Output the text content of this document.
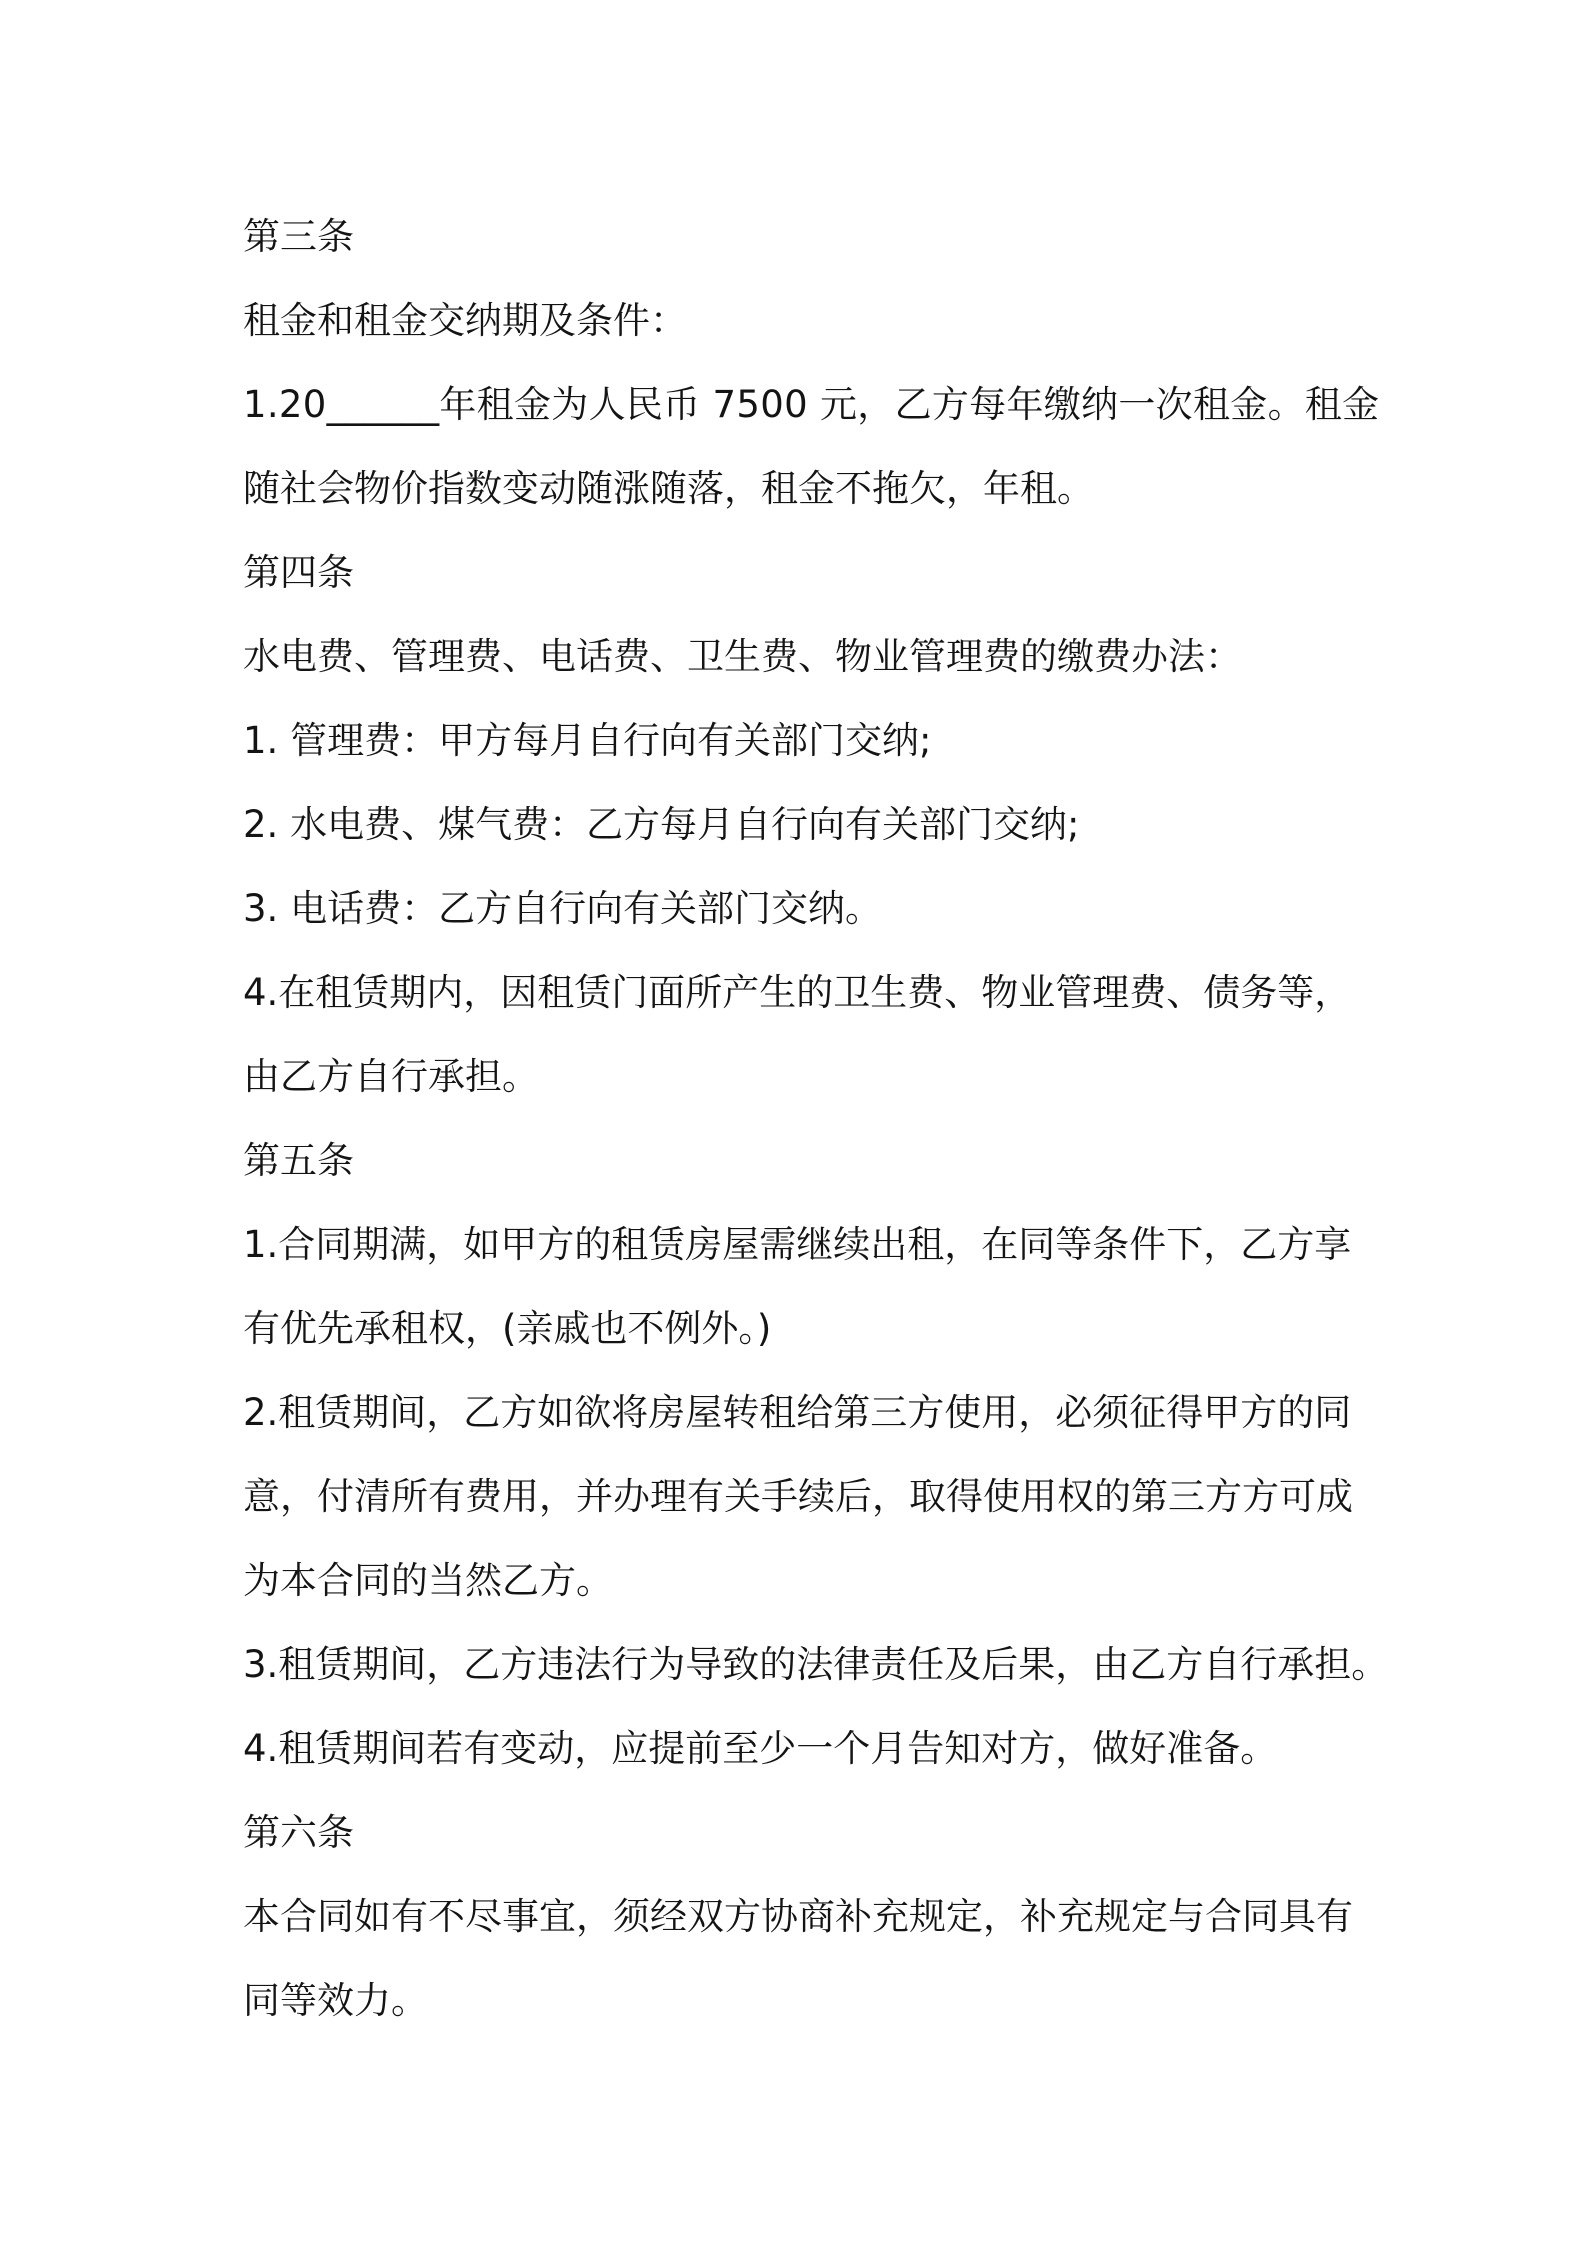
第三条
租金和租金交纳期及条件：
1.20______年租金为人民币 7500 元，乙方每年缴纳一次租金。租金
随社会物价指数变动随涨随落，租金不拖欠，年租。
第四条
水电费、管理费、电话费、卫生费、物业管理费的缴费办法：
1. 管理费：甲方每月自行向有关部门交纳;
2. 水电费、煤气费：乙方每月自行向有关部门交纳;
3. 电话费：乙方自行向有关部门交纳。
4.在租赁期内，因租赁门面所产生的卫生费、物业管理费、债务等，
由乙方自行承担。
第五条
1.合同期满，如甲方的租赁房屋需继续出租，在同等条件下，乙方享
有优先承租权，(亲戚也不例外。)
2.租赁期间，乙方如欲将房屋转租给第三方使用，必须征得甲方的同
意，付清所有费用，并办理有关手续后，取得使用权的第三方方可成
为本合同的当然乙方。
3.租赁期间，乙方违法行为导致的法律责任及后果，由乙方自行承担。
4.租赁期间若有变动，应提前至少一个月告知对方，做好准备。
第六条
本合同如有不尽事宜，须经双方协商补充规定，补充规定与合同具有
同等效力。
